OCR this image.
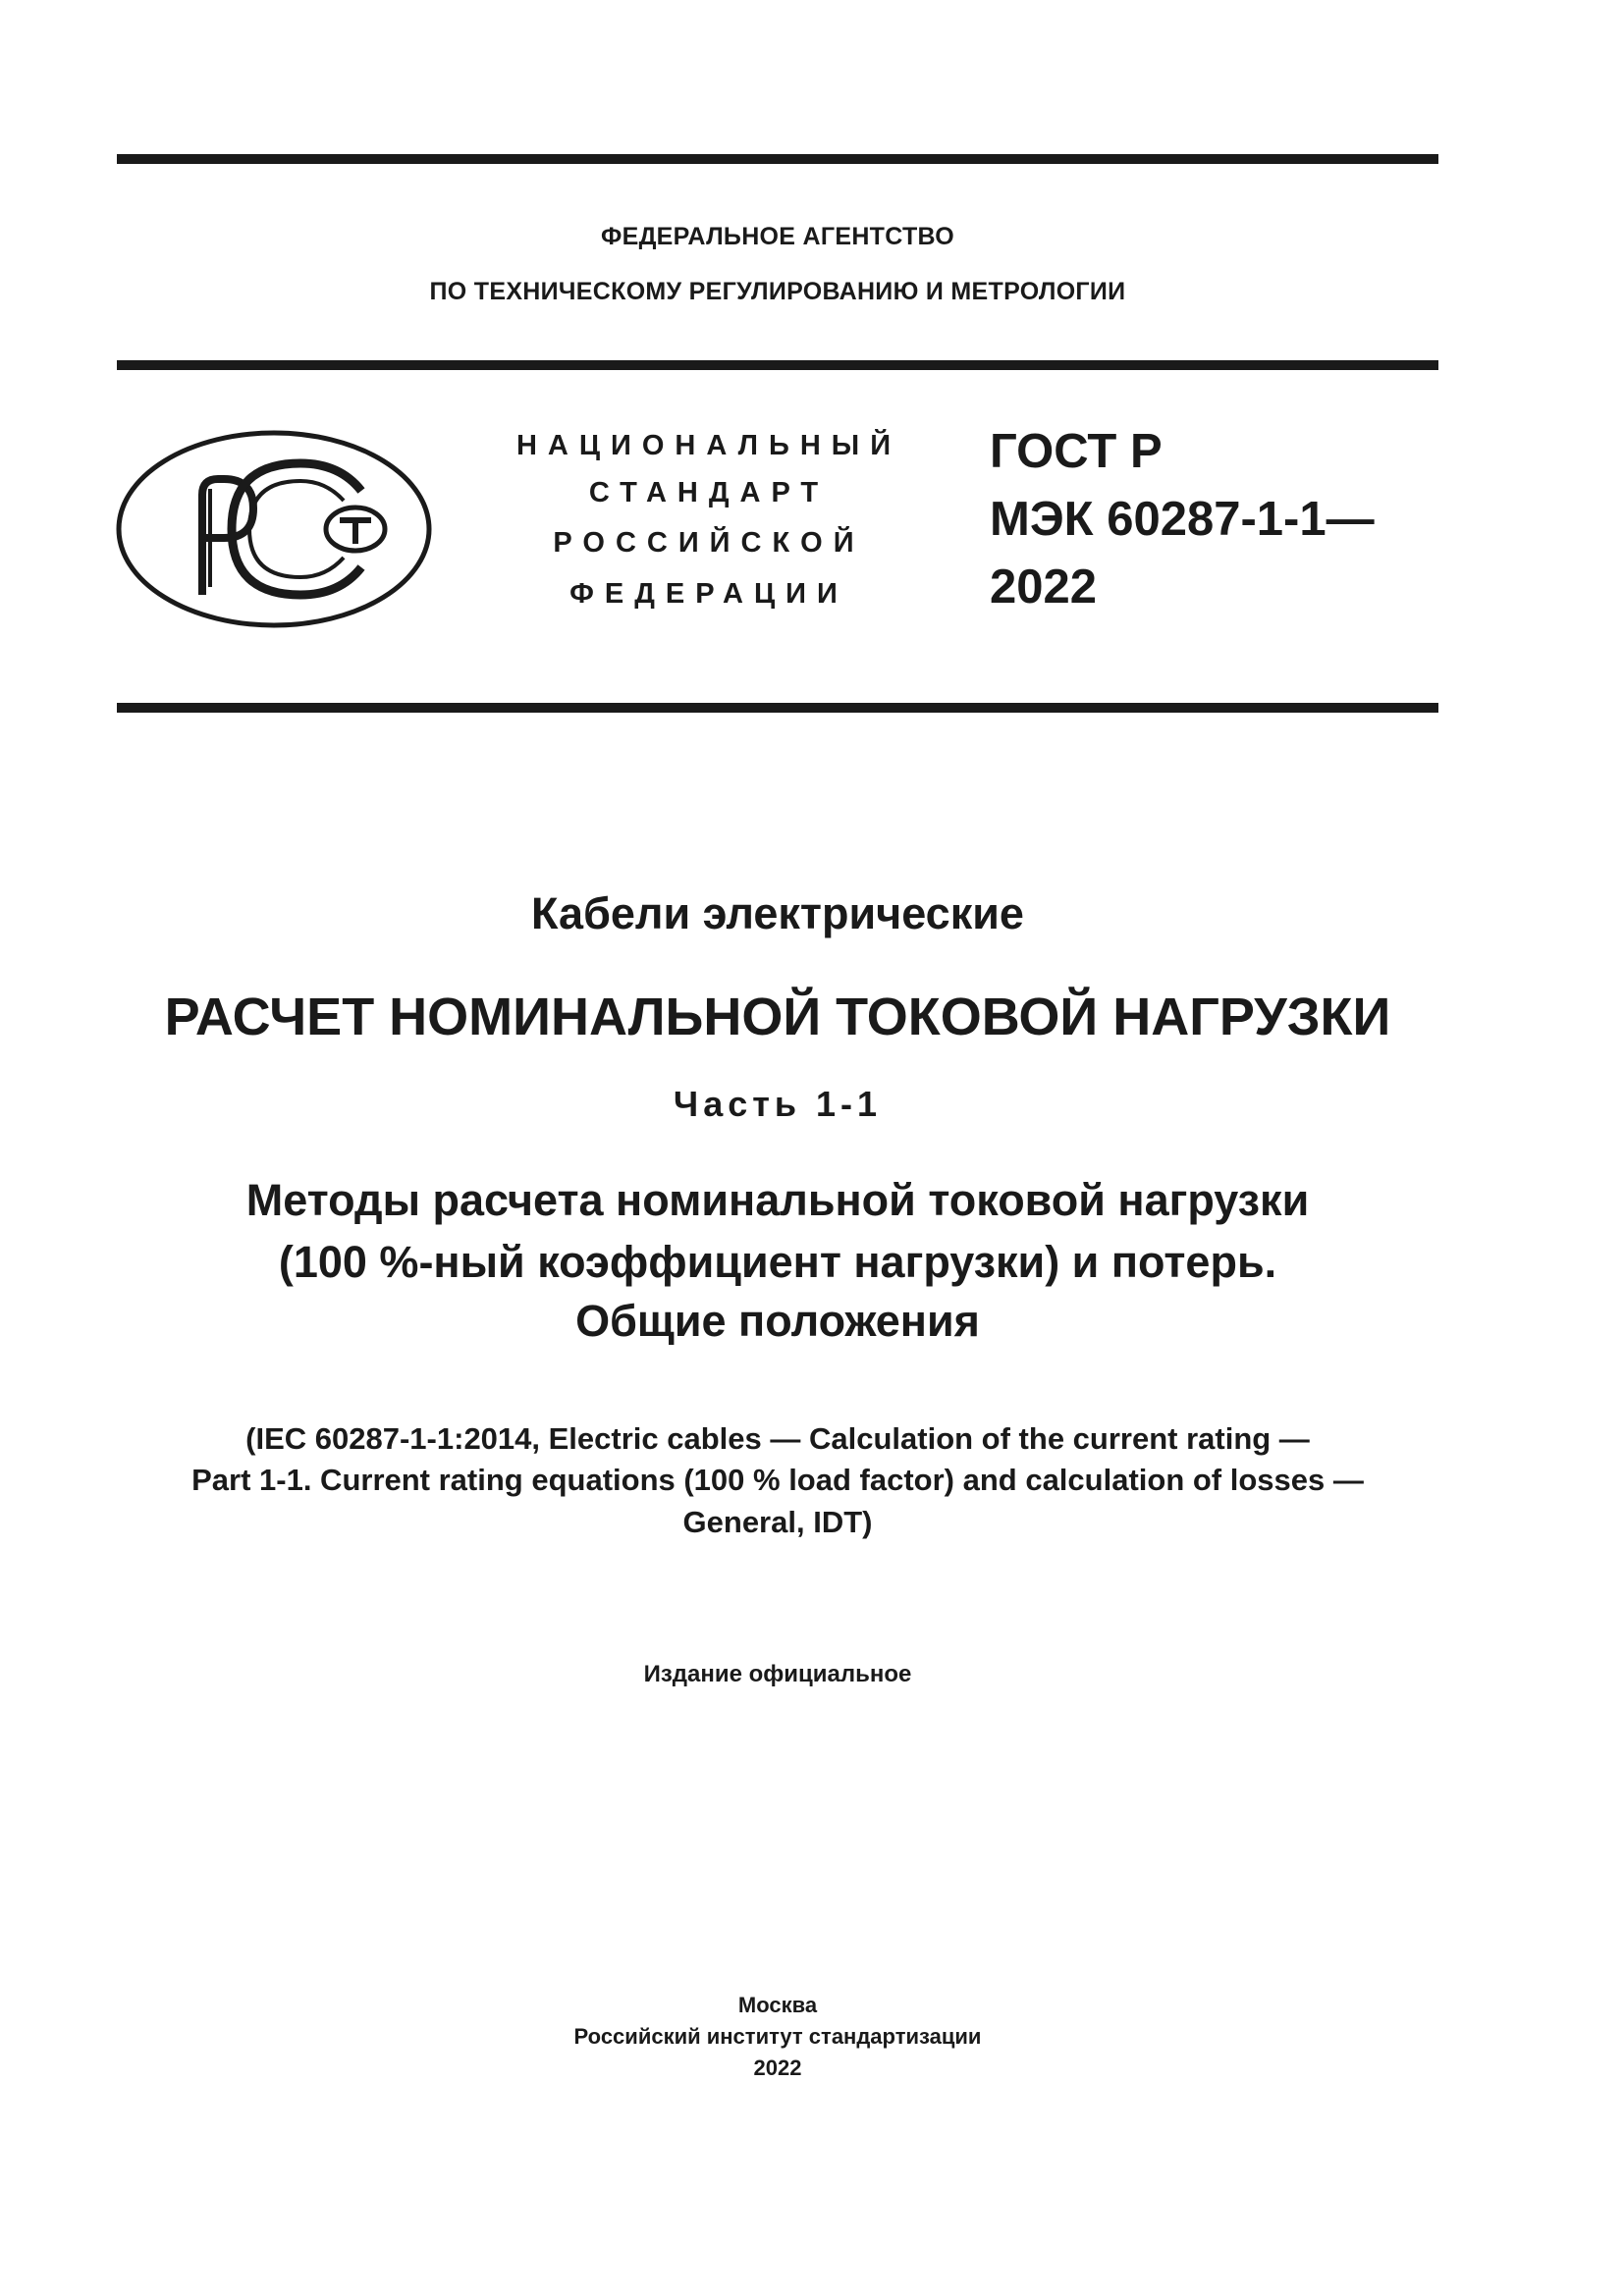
ФЕДЕРАЛЬНОЕ АГЕНТСТВО
ПО ТЕХНИЧЕСКОМУ РЕГУЛИРОВАНИЮ И МЕТРОЛОГИИ
НАЦИОНАЛЬНЫЙ
СТАНДАРТ
РОССИЙСКОЙ
ФЕДЕРАЦИИ
ГОСТ Р
МЭК 60287-1-1—
2022
Кабели электрические
РАСЧЕТ НОМИНАЛЬНОЙ ТОКОВОЙ НАГРУЗКИ
Часть 1-1
Методы расчета номинальной токовой нагрузки
(100 %-ный коэффициент нагрузки) и потерь.
Общие положения
(IEC 60287-1-1:2014, Electric cables — Calculation of the current rating —
Part 1-1. Current rating equations (100 % load factor) and calculation of losses —
General, IDT)
Издание официальное
Москва
Российский институт стандартизации
2022
